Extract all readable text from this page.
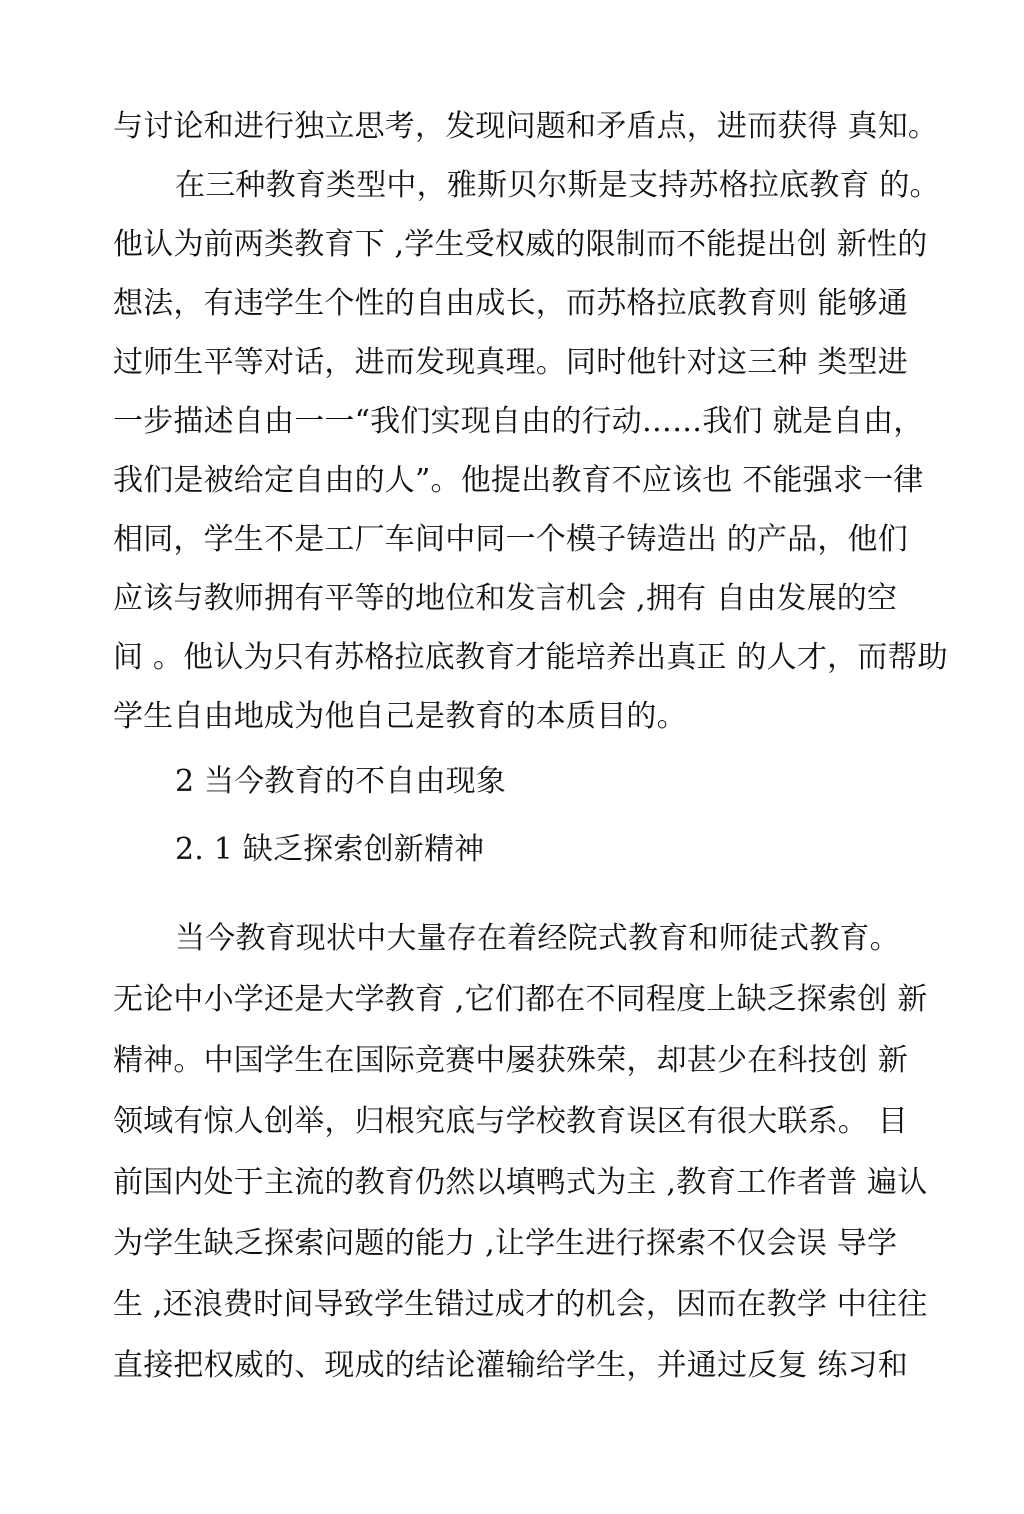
与讨论和进行独立思考，发现问题和矛盾点，进而获得 真知。
在三种教育类型中，雅斯贝尔斯是支持苏格拉底教育 的。
他认为前两类教育下 ,学生受权威的限制而不能提出创 新性的
想法，有违学生个性的自由成长，而苏格拉底教育则 能够通
过师生平等对话，进而发现真理。同时他针对这三种 类型进
一步描述自由一一“我们实现自由的行动……我们 就是自由，
我们是被给定自由的人”。他提出教育不应该也 不能强求一律
相同，学生不是工厂车间中同一个模子铸造出 的产品，他们
应该与教师拥有平等的地位和发言机会 ,拥有 自由发展的空
间 。他认为只有苏格拉底教育才能培养出真正 的人才，而帮助
学生自由地成为他自己是教育的本质目的。
2 当今教育的不自由现象
2. 1 缺乏探索创新精神
当今教育现状中大量存在着经院式教育和师徒式教育。
无论中小学还是大学教育 ,它们都在不同程度上缺乏探索创 新
精神。中国学生在国际竞赛中屡获殊荣，却甚少在科技创 新
领域有惊人创举，归根究底与学校教育误区有很大联系。 目
前国内处于主流的教育仍然以填鸭式为主 ,教育工作者普 遍认
为学生缺乏探索问题的能力 ,让学生进行探索不仅会误 导学
生 ,还浪费时间导致学生错过成才的机会，因而在教学 中往往
直接把权威的、现成的结论灌输给学生，并通过反复 练习和
